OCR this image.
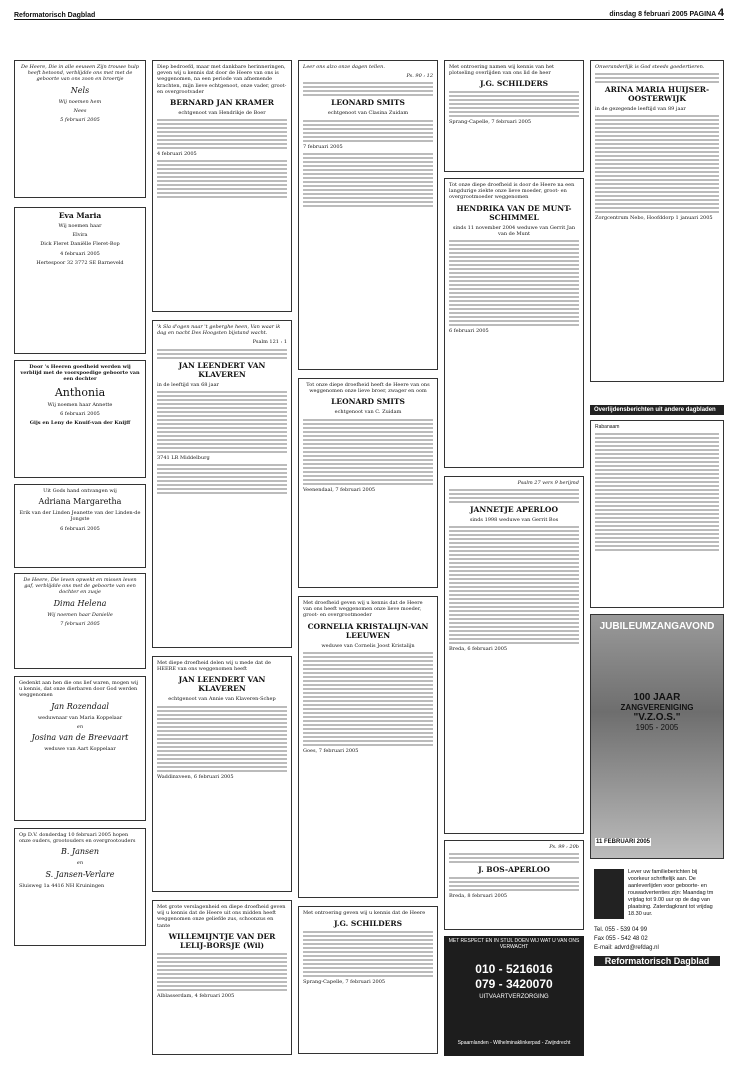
Reformatorisch Dagblad	dinsdag 8 februari 2005 PAGINA 4

De Heere, Die in alle eeuwen Zijn trouwe hulp heeft betoond, verblijdde ons met met de geboorte van ons zoon en broertje

Nels

Wij noemen hem

Nees

5 februari 2005

Eva Maria

Wij noemen haar

Elvira

Dick Fleret Daniëlle Fleret-Bop

4 februari 2005

Hertespoor 32 3772 SE Barneveld

Door 's Heeren goedheid werden wij verblijd met de voorspoedige geboorte van een dochter

Anthonia

Wij noemen haar Annette

6 februari 2005

Gijs en Leny de Knuif-van der Knijff

Uit Gods hand ontvangen wij

Adriana Margaretha

Erik van der Linden Jeanette van der Linden-de Jongste

6 februari 2005

De Heere, Die leven opwekt en missen leven gaf, verblijdde ons met de geboorte van een dochter en zusje

Dima Helena

Wij noemen haar Danielle

7 februari 2005

Gedenkt aan hen die ons lief waren, mogen wij u kennis, dat onze dierbaren door God werden weggenomen

Jan Rozendaal

weduwnaar van Maria Koppelaar

en

Josina van de Breevaart

weduwe van Aart Koppelaar

Op D.V. donderdag 10 februari 2005 hopen onze ouders, grootouders en overgrootouders

B. Jansen

en

S. Jansen-Verlare

Sluisweg 1a 4416 NH Kruiningen

Diep bedroefd, maar met dankbare herinneringen, geven wij u kennis dat door de Heere van ons is weggenomen, na een periode van afnemende krachten, mijn lieve echtgenoot, onze vader, groot- en overgrootvader

BERNARD JAN KRAMER

echtgenoot van Hendrikje de Boer

4 februari 2005

'k Sla d'ogen naar 't geberghe heen, Van waar ik dag en nacht Des Hoogsten bijstand wacht.

Psalm 121 : 1

JAN LEENDERT VAN KLAVEREN

in de leeftijd van 68 jaar

3741 LR Middelburg

Met diepe droefheid delen wij u mede dat de HEERE van ons weggenomen heeft

JAN LEENDERT VAN KLAVEREN

echtgenoot van Annie van Klaveren-Schep

Waddinxveen, 6 februari 2005

Met grote verslagenheid en diepe droefheid geven wij u kennis dat de Heere uit ons midden heeft weggenomen onze geliefde zus, schoonzus en tante

WILLEMIJNTJE VAN DER LELIJ-BORSJE (Wil)

Alblasserdam, 4 februari 2005

Leer ons alzo onze dagen tellen.

Ps. 90 : 12

LEONARD SMITS

echtgenoot van Clasina Zuidam

7 februari 2005

Tot onze diepe droefheid heeft de Heere van ons weggenomen onze lieve broer, zwager en oom

LEONARD SMITS

echtgenoot van C. Zuidam

Veenendaal, 7 februari 2005

Met droefheid geven wij u kennis dat de Heere van ons heeft weggenomen onze lieve moeder, groot- en overgrootmoeder

CORNELIA KRISTALIJN-VAN LEEUWEN

weduwe van Cornelis Joost Kristalijn

Goes, 7 februari 2005

Met ontroering geven wij u kennis dat de Heere

J.G. SCHILDERS

Sprang-Capelle, 7 februari 2005

Met ontroering namen wij kennis van het plotseling overlijden van ons lid de heer

J.G. SCHILDERS

Sprang-Capelle, 7 februari 2005

Tot onze diepe droefheid is door de Heere na een langdurige ziekte onze lieve moeder, groot- en overgrootmoeder weggenomen

HENDRIKA VAN DE MUNT-SCHIMMEL

sinds 11 november 2004 weduwe van Gerrit Jan van de Munt

6 februari 2005

Psalm 27 vers 9 berijmd

JANNETJE APERLOO

sinds 1998 weduwe van Gerrit Bos

Breda, 6 februari 2005

Ps. 99 : 20b

J. BOS-APERLOO

Breda, 8 februari 2005

Onveranderlijk is God steeds goedertieren.

ARINA MARIA HUIJSER-OOSTERWIJK

in de gezegende leeftijd van 89 jaar

Zorgcentrum Nebo, Hoofddorp 1 januari 2005

Overlijdensberichten uit andere dagbladen

Rabanaam

JUBILEUMZANGAVOND
100 JAAR
ZANGVERENIGING
"V.Z.O.S."
1905 - 2005
11 FEBRUARI 2005
MET RESPECT EN IN STIJL DOEN WIJ WAT U VAN ONS VERWACHT
010 - 5216016
079 - 3420070
UITVAARTVERZORGING
Spaarnlanden - Wilhelminaklinkerpad - Zwijndrecht

Lever uw familieberichten bij voorkeur schriftelijk aan. De aanleverlijden voor geboorte- en rouwadvertenties zijn: Maandag tm vrijdag tot 9.00 uur op de dag van plaatsing. Zaterdagkrant tot vrijdag 18.30 uur.

Tel. 055 - 539 04 99

Fax 055 - 542 48 02

E-mail: advrd@refdag.nl

Reformatorisch Dagblad
